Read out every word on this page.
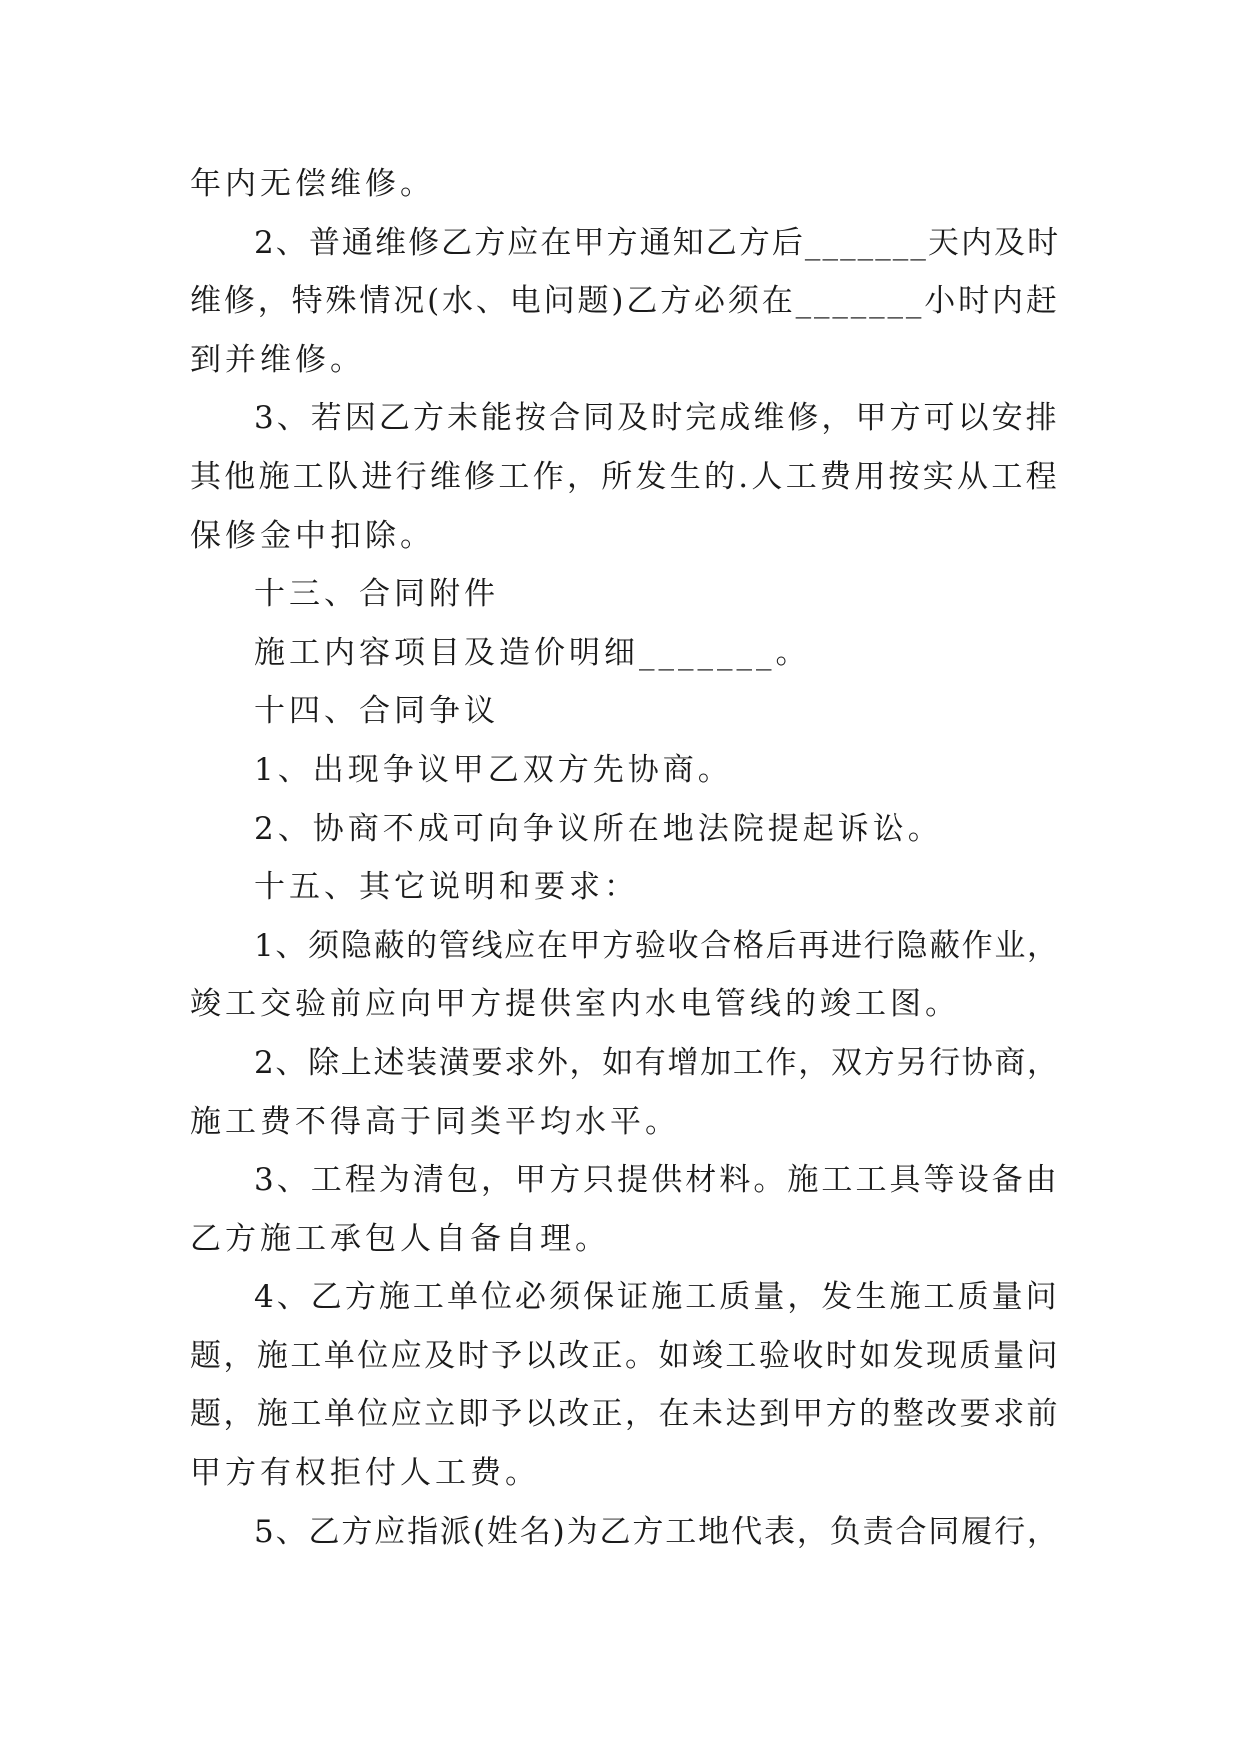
年内无偿维修。

2、普通维修乙方应在甲方通知乙方后_______天内及时

维修，特殊情况(水、电问题)乙方必须在_______小时内赶

到并维修。

3、若因乙方未能按合同及时完成维修，甲方可以安排

其他施工队进行维修工作，所发生的.人工费用按实从工程

保修金中扣除。

十三、合同附件

施工内容项目及造价明细_______。

十四、合同争议

1、出现争议甲乙双方先协商。

2、协商不成可向争议所在地法院提起诉讼。

十五、其它说明和要求：

1、须隐蔽的管线应在甲方验收合格后再进行隐蔽作业，

竣工交验前应向甲方提供室内水电管线的竣工图。

2、除上述装潢要求外，如有增加工作，双方另行协商，

施工费不得高于同类平均水平。

3、工程为清包，甲方只提供材料。施工工具等设备由

乙方施工承包人自备自理。

4、乙方施工单位必须保证施工质量，发生施工质量问

题，施工单位应及时予以改正。如竣工验收时如发现质量问

题，施工单位应立即予以改正，在未达到甲方的整改要求前

甲方有权拒付人工费。

5、乙方应指派(姓名)为乙方工地代表，负责合同履行，
